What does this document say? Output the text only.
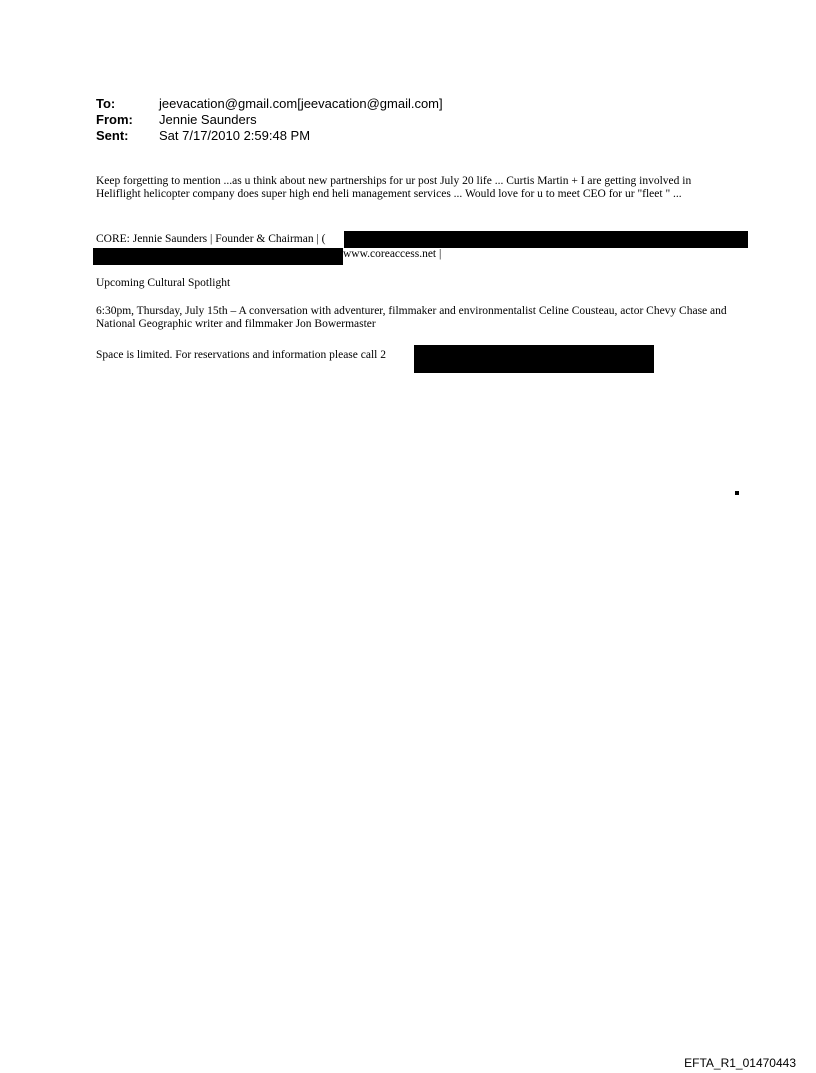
To:	jeevacation@gmail.com[jeevacation@gmail.com]
From:	Jennie Saunders
Sent:	Sat 7/17/2010 2:59:48 PM
Keep forgetting to mention ...as u think about new partnerships for ur post July 20 life ... Curtis Martin + I are getting involved in Heliflight helicopter company does super high end heli management services ... Would love for u to meet CEO for ur "fleet " ...
CORE: Jennie Saunders | Founder & Chairman | (
www.coreaccess.net |
Upcoming Cultural Spotlight
6:30pm, Thursday, July 15th – A conversation with adventurer, filmmaker and environmentalist Celine Cousteau, actor Chevy Chase and National Geographic writer and filmmaker Jon Bowermaster
Space is limited. For reservations and information please call 2
EFTA_R1_01470443
